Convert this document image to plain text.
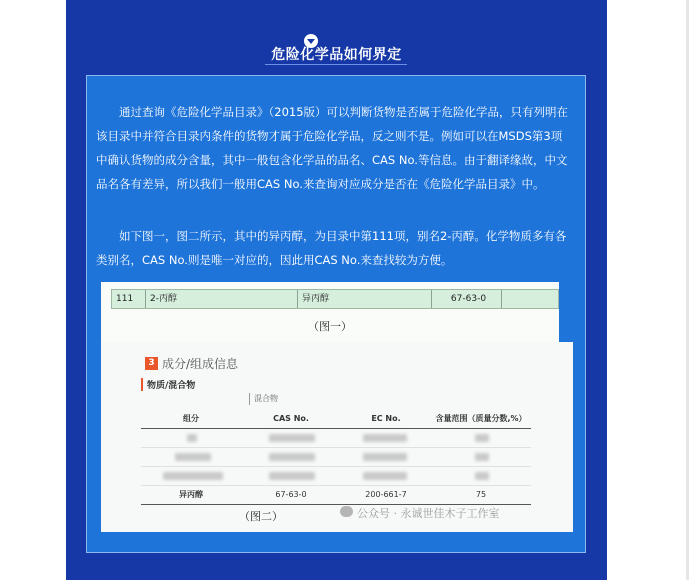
危险化学品如何界定

通过查询《危险化学品目录》（2015版）可以判断货物是否属于危险化学品，只有列明在该目录中并符合目录内条件的货物才属于危险化学品，反之则不是。例如可以在MSDS第3项中确认货物的成分含量，其中一般包含化学品的品名、CAS No.等信息。由于翻译缘故，中文品名各有差异，所以我们一般用CAS No.来查询对应成分是否在《危险化学品目录》中。

如下图一，图二所示，其中的异丙醇，为目录中第111项，别名2-丙醇。化学物质多有各类别名，CAS No.则是唯一对应的，因此用CAS No.来查找较为方便。

111	2-丙醇	异丙醇	67-63-0
（图一）
3 成分/组成信息
物质/混合物
混合物
组分	CAS No.	EC No.	含量范围（质量分数,%）
异丙醇	67-63-0	200-661-7	75
（图二）	公众号 · 永诚世佳木子工作室
